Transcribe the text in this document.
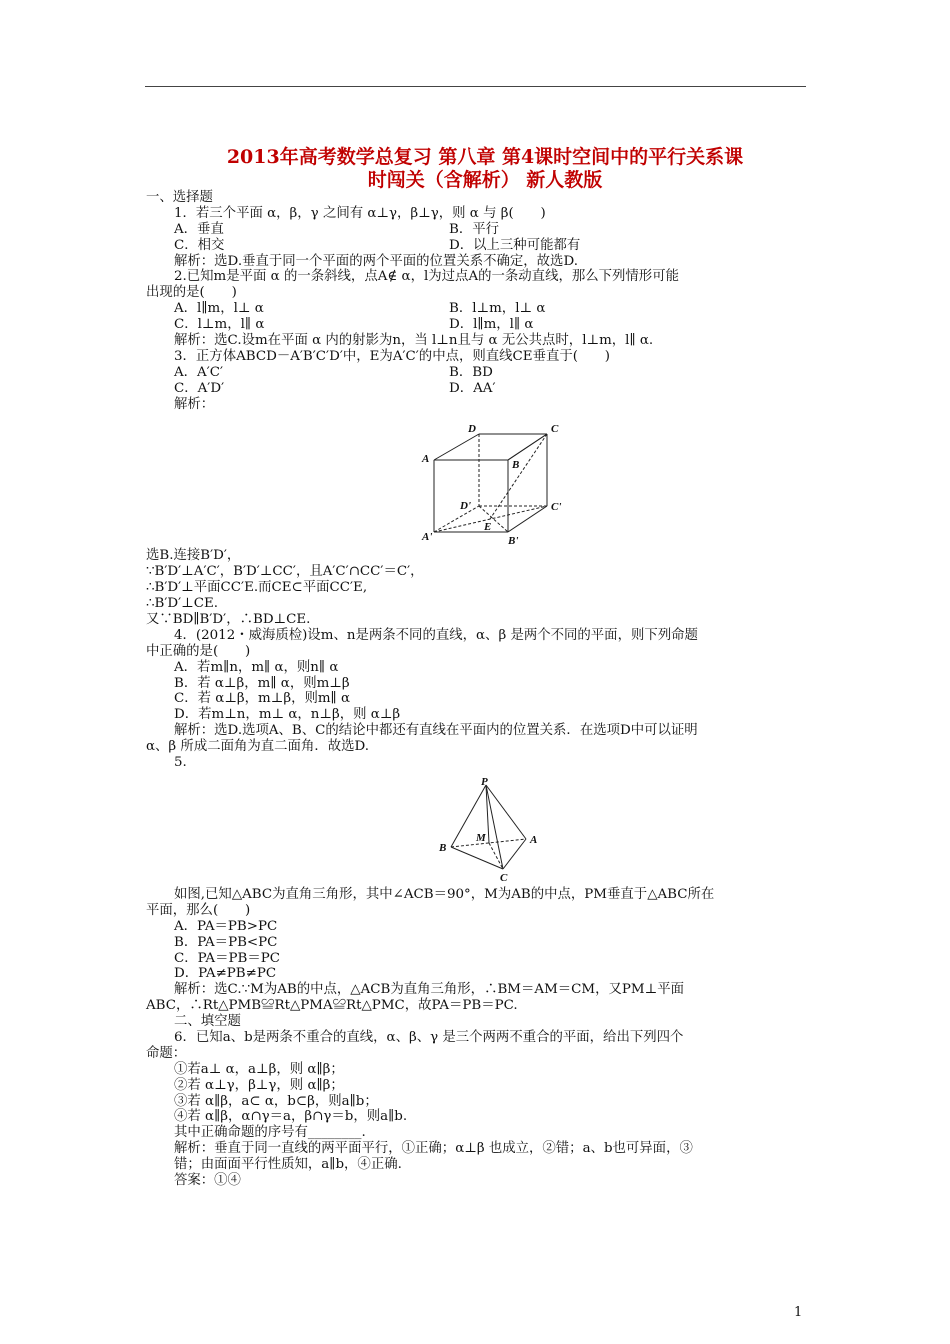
2013年高考数学总复习 第八章 第4课时空间中的平行关系课
时闯关（含解析） 新人教版
一、选择题
1．若三个平面 α，β，γ 之间有 α⊥γ，β⊥γ，则 α 与 β(　　)
A．垂直	B．平行
C．相交	D．以上三种可能都有
解析：选D.垂直于同一个平面的两个平面的位置关系不确定，故选D.
2.已知m是平面 α 的一条斜线，点A∉ α，l为过点A的一条动直线，那么下列情形可能
出现的是(　　)
A．l∥m，l⊥ α	B．l⊥m，l⊥ α
C．l⊥m，l∥ α	D．l∥m，l∥ α
解析：选C.设m在平面 α 内的射影为n，当 l⊥n且与 α 无公共点时，l⊥m，l∥ α.
3．正方体ABCD－A′B′C′D′中，E为A′C′的中点，则直线CE垂直于(　　)
A．A′C′	B．BD
C．A′D′	D．AA′
解析：
D	C
A	B
D'	C'
A'
E
B'
选B.连接B′D′，
∵B′D′⊥A′C′，B′D′⊥CC′，且A′C′∩CC′＝C′，
∴B′D′⊥平面CC′E.而CE⊂平面CC′E,
∴B′D′⊥CE.
又∵BD∥B′D′，∴BD⊥CE.
4．(2012・威海质检)设m、n是两条不同的直线，α、β 是两个不同的平面，则下列命题
中正确的是(　　)
A．若m∥n，m∥ α，则n∥ α
B．若 α⊥β，m∥ α，则m⊥β
C．若 α⊥β，m⊥β，则m∥ α
D．若m⊥n，m⊥ α，n⊥β，则 α⊥β
解析：选D.选项A、B、C的结论中都还有直线在平面内的位置关系．在选项D中可以证明
α、β 所成二面角为直二面角．故选D.
5.
P
M	A
B
C
如图,已知△ABC为直角三角形，其中∠ACB＝90°，M为AB的中点，PM垂直于△ABC所在
平面，那么(　　)
A．PA＝PB>PC
B．PA＝PB<PC
C．PA＝PB＝PC
D．PA≠PB≠PC
解析：选C.∵M为AB的中点，△ACB为直角三角形，∴BM＝AM＝CM，又PM⊥平面
ABC，∴Rt△PMB≌Rt△PMA≌Rt△PMC，故PA＝PB＝PC.
二、填空题
6．已知a、b是两条不重合的直线，α、β、γ 是三个两两不重合的平面，给出下列四个
命题：
①若a⊥ α，a⊥β，则 α∥β；
②若 α⊥γ，β⊥γ，则 α∥β；
③若 α∥β，a⊂ α，b⊂β，则a∥b；
④若 α∥β，α∩γ＝a，β∩γ＝b，则a∥b.
其中正确命题的序号有________.
解析：垂直于同一直线的两平面平行，①正确；α⊥β 也成立，②错；a、b也可异面，③
错；由面面平行性质知，a∥b，④正确.
答案：①④
1
